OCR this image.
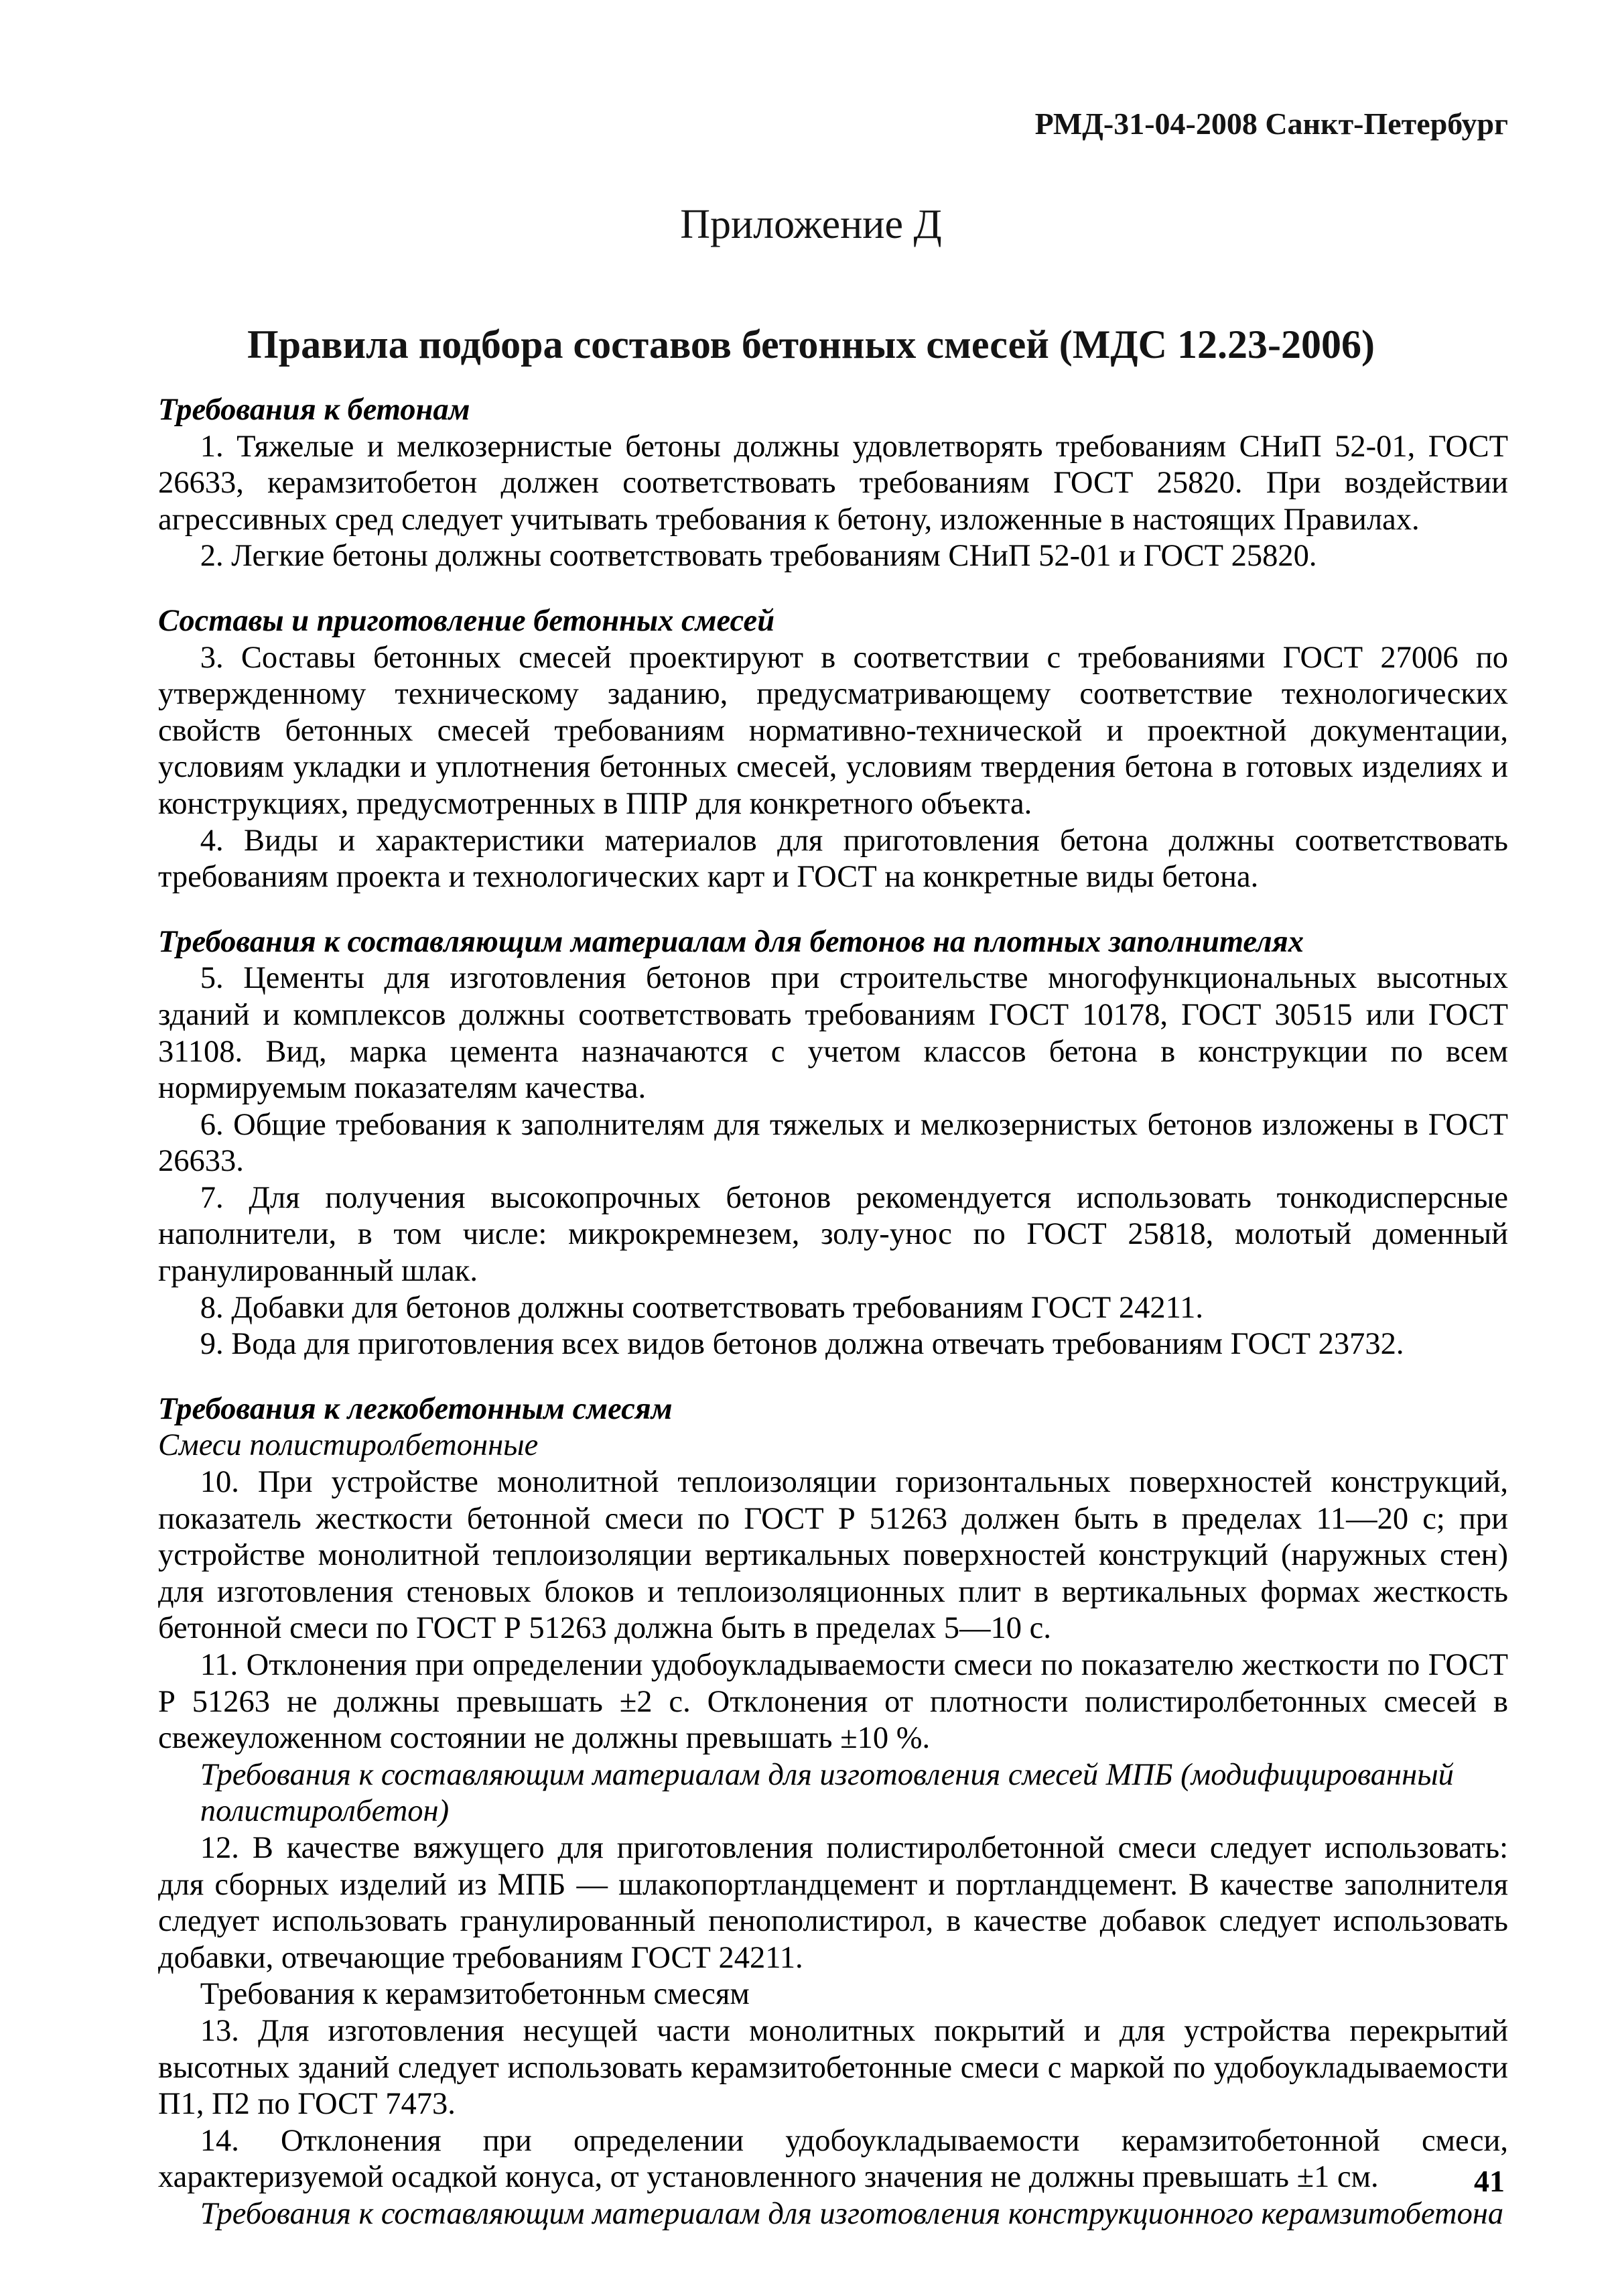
РМД-31-04-2008 Санкт-Петербург

Приложение Д
Правила подбора составов бетонных смесей (МДС 12.23-2006)

Требования к бетонам

1. Тяжелые и мелкозернистые бетоны должны удовлетворять требованиям СНиП 52-01, ГОСТ 26633, керамзитобетон должен соответствовать требованиям ГОСТ 25820. При воздействии агрессивных сред следует учитывать требования к бетону, изложенные в настоящих Правилах.

2. Легкие бетоны должны соответствовать требованиям СНиП 52-01 и ГОСТ 25820.

Составы и приготовление бетонных смесей

3. Составы бетонных смесей проектируют в соответствии с требованиями ГОСТ 27006 по утвержденному техническому заданию, предусматривающему соответствие технологических свойств бетонных смесей требованиям нормативно-технической и проектной документации, условиям укладки и уплотнения бетонных смесей, условиям твердения бетона в готовых изделиях и конструкциях, предусмотренных в ППР для конкретного объекта.

4. Виды и характеристики материалов для приготовления бетона должны соответствовать требованиям проекта и технологических карт и ГОСТ на конкретные виды бетона.

Требования к составляющим материалам для бетонов на плотных заполнителях

5. Цементы для изготовления бетонов при строительстве многофункциональных высотных зданий и комплексов должны соответствовать требованиям ГОСТ 10178, ГОСТ 30515 или ГОСТ 31108. Вид, марка цемента назначаются с учетом классов бетона в конструкции по всем нормируемым показателям качества.

6. Общие требования к заполнителям для тяжелых и мелкозернистых бетонов изложены в ГОСТ 26633.

7. Для получения высокопрочных бетонов рекомендуется использовать тонкодисперсные наполнители, в том числе: микрокремнезем, золу-унос по ГОСТ 25818, молотый доменный гранулированный шлак.

8. Добавки для бетонов должны соответствовать требованиям ГОСТ 24211.

9. Вода для приготовления всех видов бетонов должна отвечать требованиям ГОСТ 23732.

Требования к легкобетонным смесям

Смеси полистиролбетонные

10. При устройстве монолитной теплоизоляции горизонтальных поверхностей конструкций, показатель жесткости бетонной смеси по ГОСТ Р 51263 должен быть в пределах 11—20 с; при устройстве монолитной теплоизоляции вертикальных поверхностей конструкций (наружных стен) для изготовления стеновых блоков и теплоизоляционных плит в вертикальных формах жесткость бетонной смеси по ГОСТ Р 51263 должна быть в пределах 5—10 с.

11. Отклонения при определении удобоукладываемости смеси по показателю жесткости по ГОСТ Р 51263 не должны превышать ±2 с. Отклонения от плотности полистиролбетонных смесей в свежеуложенном состоянии не должны превышать ±10 %.

Требования к составляющим материалам для изготовления смесей МПБ (модифицированный полистиролбетон)

12. В качестве вяжущего для приготовления полистиролбетонной смеси следует использовать: для сборных изделий из МПБ — шлакопортландцемент и портландцемент. В качестве заполнителя следует использовать гранулированный пенополистирол, в качестве добавок следует использовать добавки, отвечающие требованиям ГОСТ 24211.

Требования к керамзитобетонньм смесям

13. Для изготовления несущей части монолитных покрытий и для устройства перекрытий высотных зданий следует использовать керамзитобетонные смеси с маркой по удобоукладываемости П1, П2 по ГОСТ 7473.

14. Отклонения при определении удобоукладываемости керамзитобетонной смеси, характеризуемой осадкой конуса, от установленного значения не должны превышать ±1 см.

Требования к составляющим материалам для изготовления конструкционного керамзитобетона

41
